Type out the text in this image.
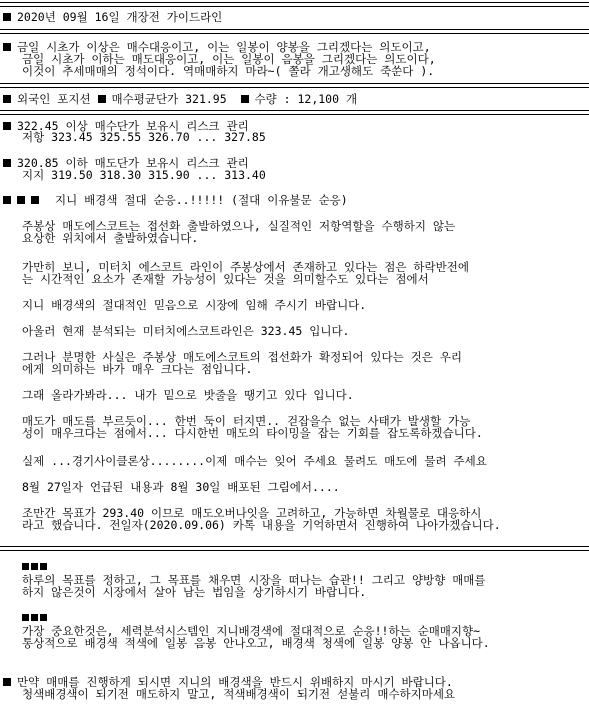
2020년 09월 16일 개장전 가이드라인
금일 시초가 이상은 매수대응이고, 이는 일봉이 양봉을 그리겠다는 의도이고,
금일 시초가 이하는 매도대응이고, 이는 일봉이 음봉을 그리겠다는 의도이다,
이것이 추세매매의 정석이다. 역매매하지 마라~( 쫄라 개고생해도 죽쑨다 ).
외국인 포지션 매수평균단가 321.95 수량 : 12,100 개
322.45 이상 매수단가 보유시 리스크 관리
저항 323.45 325.55 326.70 ... 327.85
320.85 이하 매도단가 보유시 리스크 관리
지지 319.50 318.30 315.90 ... 313.40
지니 배경색 절대 순응..!!!!! (절대 이유불문 순응)
주봉상 매도에스코트는 접선화 출발하였으나, 실질적인 저항역할을 수행하지 않는
요상한 위치에서 출발하였습니다.
가만히 보니, 미터치 에스코트 라인이 주봉상에서 존재하고 있다는 점은 하락반전에
는 시간적인 요소가 존재할 가능성이 있다는 것을 의미할수도 있다는 점에서
지니 배경색의 절대적인 믿음으로 시장에 임해 주시기 바랍니다.
아울러 현재 분석되는 미터치에스코트라인은 323.45 입니다.
그러나 분명한 사실은 주봉상 매도에스코트의 접선화가 확정되어 있다는 것은 우리
에게 의미하는 바가 매우 크다는 점입니다.
그래 올라가봐라... 내가 밑으로 밧줄을 땡기고 있다 입니다.
매도가 매도를 부르듯이... 한번 둑이 터지면.. 걷잡을수 없는 사태가 발생할 가능
성이 매우크다는 점에서... 다시한번 매도의 타이밍을 잡는 기회를 잡도록하겠습니다.
실제 ...경기사이클론상........이제 매수는 잊어 주세요 물려도 매도에 물려 주세요
8월 27일자 언급된 내용과 8월 30일 배포된 그림에서....
조만간 목표가 293.40 이므로 매도오버나잇을 고려하고, 가능하면 차월물로 대응하시
라고 했습니다. 전일자(2020.09.06) 카톡 내용을 기억하면서 진행하여 나아가겠습니다.
하루의 목표를 정하고, 그 목표를 채우면 시장을 떠나는 습관!! 그리고 양방향 매매를
하지 않은것이 시장에서 살아 남는 법임을 상기하시기 바랍니다.
가장 중요한것은, 세력분석시스템인 지니배경색에 절대적으로 순응!!하는 순매매지향~
통상적으로 배경색 적색에 일봉 음봉 안나오고, 배경색 청색에 일봉 양봉 안 나옵니다.
만약 매매를 진행하게 되시면 지니의 배경색을 반드시 위배하지 마시기 바랍니다.
청색배경색이 되기전 매도하지 말고, 적색배경색이 되기전 섣불리 매수하지마세요
